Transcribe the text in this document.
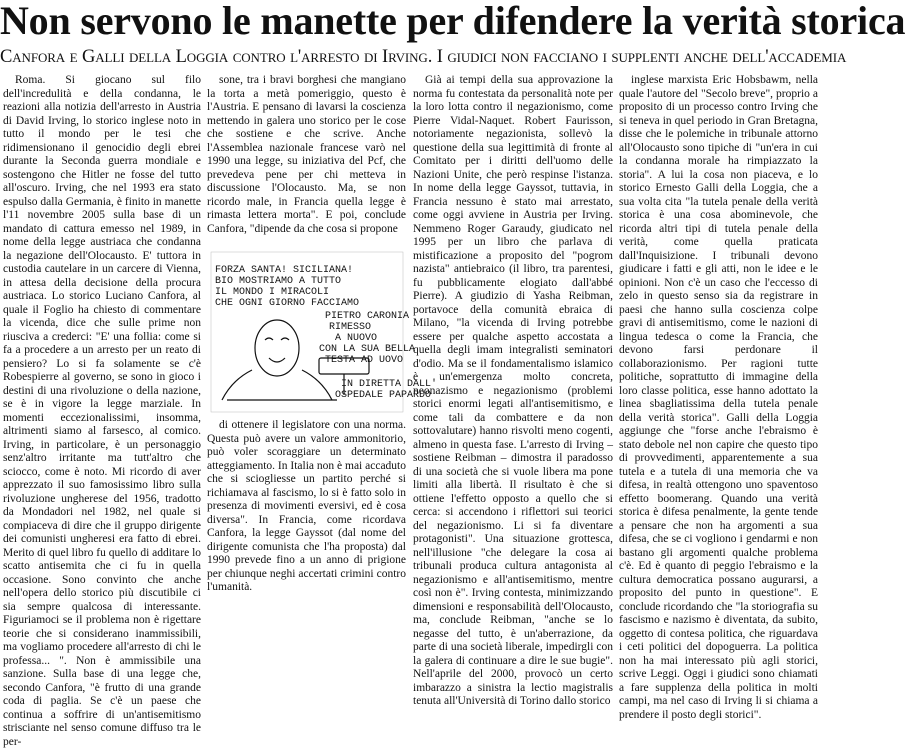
Non servono le manette per difendere la verità storica
Canfora e Galli della Loggia contro l'arresto di Irving. I giudici non facciano i supplenti anche dell'accademia

Roma. Si giocano sul filo dell'incredulità e della condanna, le reazioni alla notizia dell'arresto in Austria di David Irving, lo storico inglese noto in tutto il mondo per le tesi che ridimensionano il genocidio degli ebrei durante la Seconda guerra mondiale e sostengono che Hitler ne fosse del tutto all'oscuro. Irving, che nel 1993 era stato espulso dalla Germania, è finito in manette l'11 novembre 2005 sulla base di un mandato di cattura emesso nel 1989, in nome della legge austriaca che condanna la negazione dell'Olocausto. E' tuttora in custodia cautelare in un carcere di Vienna, in attesa della decisione della procura austriaca. Lo storico Luciano Canfora, al quale il Foglio ha chiesto di commentare la vicenda, dice che sulle prime non riusciva a crederci: "E' una follia: come si fa a procedere a un arresto per un reato di pensiero? Lo si fa solamente se c'è Robespierre al governo, se sono in gioco i destini di una rivoluzione o della nazione, se è in vigore la legge marziale. In momenti eccezionalissimi, insomma, altrimenti siamo al farsesco, al comico. Irving, in particolare, è un personaggio senz'altro irritante ma tutt'altro che sciocco, come è noto. Mi ricordo di aver apprezzato il suo famosissimo libro sulla rivoluzione ungherese del 1956, tradotto da Mondadori nel 1982, nel quale si compiaceva di dire che il gruppo dirigente dei comunisti ungheresi era fatto di ebrei. Merito di quel libro fu quello di additare lo scatto antisemita che ci fu in quella occasione. Sono convinto che anche nell'opera dello storico più discutibile ci sia sempre qualcosa di interessante. Figuriamoci se il problema non è rigettare teorie che si considerano inammissibili, ma vogliamo procedere all'arresto di chi le professa... ". Non è ammissibile una sanzione. Sulla base di una legge che, secondo Canfora, "è frutto di una grande coda di paglia. Se c'è un paese che continua a soffrire di un'antisemitismo strisciante nel senso comune diffuso tra le per-

sone, tra i bravi borghesi che mangiano la torta a metà pomeriggio, questo è l'Austria. E pensano di lavarsi la coscienza mettendo in galera uno storico per le cose che sostiene e che scrive. Anche l'Assemblea nazionale francese varò nel 1990 una legge, su iniziativa del Pcf, che prevedeva pene per chi metteva in discussione l'Olocausto. Ma, se non ricordo male, in Francia quella legge è rimasta lettera morta". E poi, conclude Canfora, "dipende da che cosa si propone

FORZA SANTA! SICILIANA! BIO MOSTRIAMO A TUTTO IL MONDO I MIRACOLI CHE OGNI GIORNO FACCIAMO
PIETRO CARONIA RIMESSO A NUOVO CON LA SUA BELLA TESTA AD UOVO
IN DIRETTA DALL' OSPEDALE PAPARDO

di ottenere il legislatore con una norma. Questa può avere un valore ammonitorio, può voler scoraggiare un determinato atteggiamento. In Italia non è mai accaduto che si sciogliesse un partito perché si richiamava al fascismo, lo si è fatto solo in presenza di movimenti eversivi, ed è cosa diversa". In Francia, come ricordava Canfora, la legge Gayssot (dal nome del dirigente comunista che l'ha proposta) dal 1990 prevede fino a un anno di prigione per chiunque neghi accertati crimini contro l'umanità.

Già ai tempi della sua approvazione la norma fu contestata da personalità note per la loro lotta contro il negazionismo, come Pierre Vidal-Naquet. Robert Faurisson, notoriamente negazionista, sollevò la questione della sua legittimità di fronte al Comitato per i diritti dell'uomo delle Nazioni Unite, che però respinse l'istanza. In nome della legge Gayssot, tuttavia, in Francia nessuno è stato mai arrestato, come oggi avviene in Austria per Irving. Nemmeno Roger Garaudy, giudicato nel 1995 per un libro che parlava di mistificazione a proposito del "pogrom nazista" antiebraico (il libro, tra parentesi, fu pubblicamente elogiato dall'abbé Pierre). A giudizio di Yasha Reibman, portavoce della comunità ebraica di Milano, "la vicenda di Irving potrebbe essere per qualche aspetto accostata a quella degli imam integralisti seminatori d'odio. Ma se il fondamentalismo islamico è un'emergenza molto concreta, neonazismo e negazionismo (problemi storici enormi legati all'antisemitismo, e come tali da combattere e da non sottovalutare) hanno risvolti meno cogenti, almeno in questa fase. L'arresto di Irving – sostiene Reibman – dimostra il paradosso di una società che si vuole libera ma pone limiti alla libertà. Il risultato è che si ottiene l'effetto opposto a quello che si cerca: si accendono i riflettori sui teorici del negazionismo. Li si fa diventare protagonisti". Una situazione grottesca, nell'illusione "che delegare la cosa ai tribunali produca cultura antagonista al negazionismo e all'antisemitismo, mentre così non è". Irving contesta, minimizzando dimensioni e responsabilità dell'Olocausto, ma, conclude Reibman, "anche se lo negasse del tutto, è un'aberrazione, da parte di una società liberale, impedirgli con la galera di continuare a dire le sue bugie". Nell'aprile del 2000, provocò un certo imbarazzo a sinistra la lectio magistralis tenuta all'Università di Torino dallo storico

inglese marxista Eric Hobsbawm, nella quale l'autore del "Secolo breve", proprio a proposito di un processo contro Irving che si teneva in quel periodo in Gran Bretagna, disse che le polemiche in tribunale attorno all'Olocausto sono tipiche di "un'era in cui la condanna morale ha rimpiazzato la storia". A lui la cosa non piaceva, e lo storico Ernesto Galli della Loggia, che a sua volta cita "la tutela penale della verità storica è una cosa abominevole, che ricorda altri tipi di tutela penale della verità, come quella praticata dall'Inquisizione. I tribunali devono giudicare i fatti e gli atti, non le idee e le opinioni. Non c'è un caso che l'eccesso di zelo in questo senso sia da registrare in paesi che hanno sulla coscienza colpe gravi di antisemitismo, come le nazioni di lingua tedesca o come la Francia, che devono farsi perdonare il collaborazionismo. Per ragioni tutte politiche, soprattutto di immagine della loro classe politica, esse hanno adottato la linea sbagliatissima della tutela penale della verità storica". Galli della Loggia aggiunge che "forse anche l'ebraismo è stato debole nel non capire che questo tipo di provvedimenti, apparentemente a sua tutela e a tutela di una memoria che va difesa, in realtà ottengono uno spaventoso effetto boomerang. Quando una verità storica è difesa penalmente, la gente tende a pensare che non ha argomenti a sua difesa, che se ci vogliono i gendarmi e non bastano gli argomenti qualche problema c'è. Ed è quanto di peggio l'ebraismo e la cultura democratica possano augurarsi, a proposito del punto in questione". E conclude ricordando che "la storiografia su fascismo e nazismo è diventata, da subito, oggetto di contesa politica, che riguardava i ceti politici del dopoguerra. La politica non ha mai interessato più agli storici, scrive Leggi. Oggi i giudici sono chiamati a fare supplenza della politica in molti campi, ma nel caso di Irving li si chiama a prendere il posto degli storici".
